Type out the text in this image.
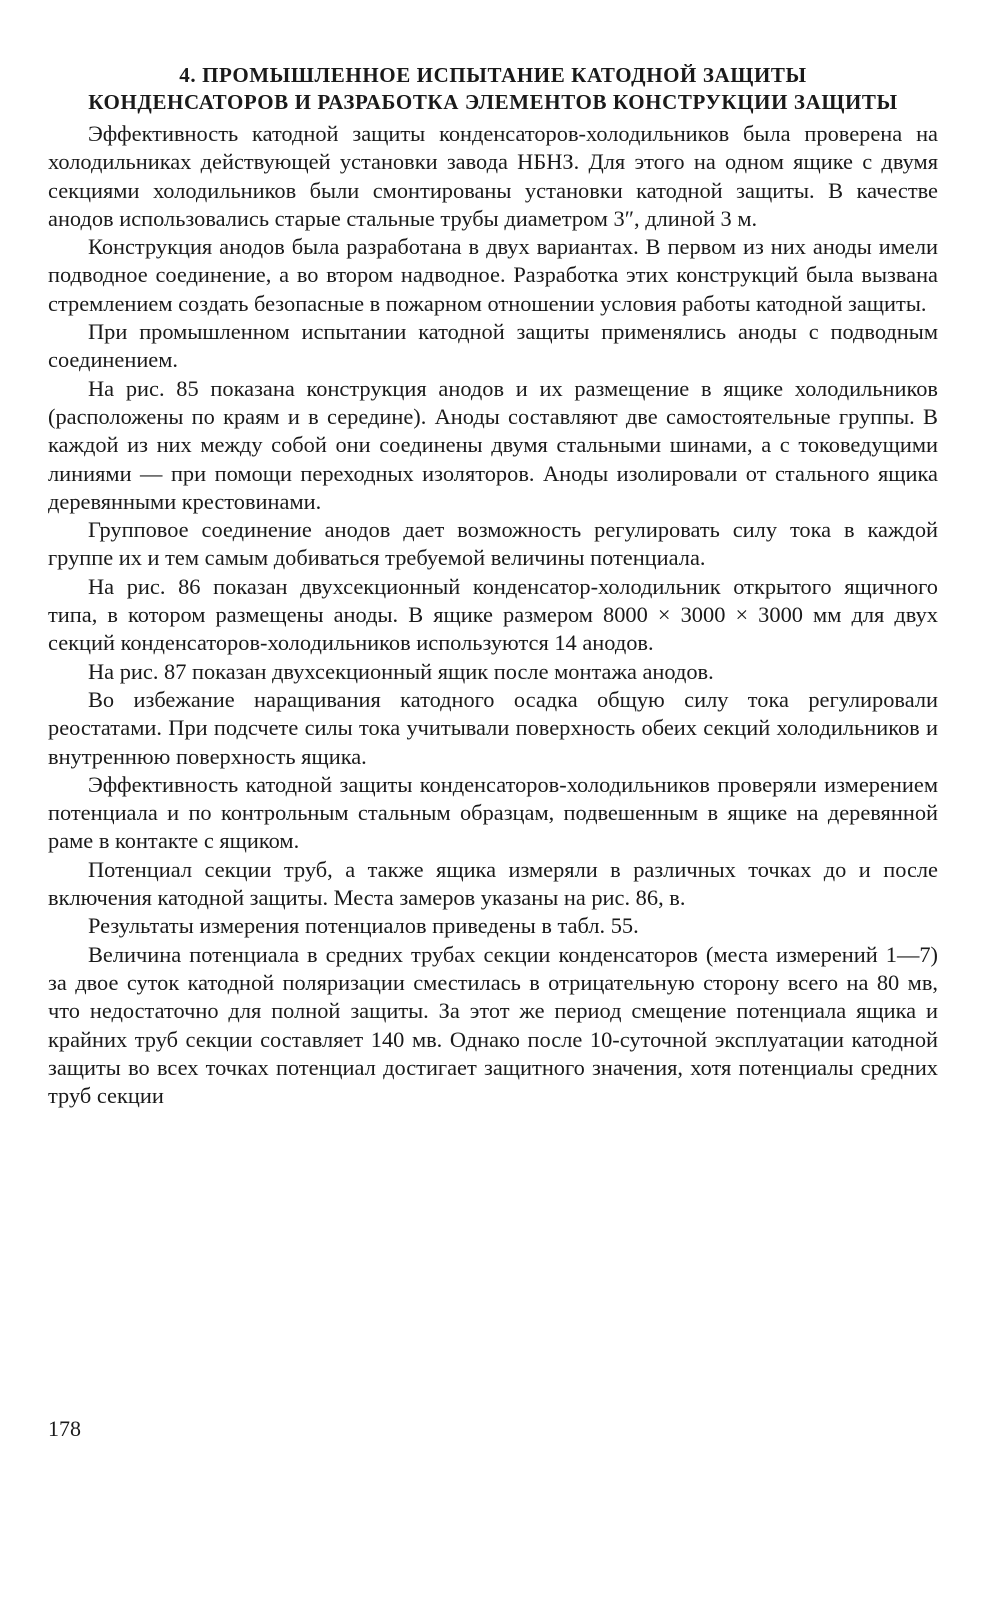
4. ПРОМЫШЛЕННОЕ ИСПЫТАНИЕ КАТОДНОЙ ЗАЩИТЫ
КОНДЕНСАТОРОВ И РАЗРАБОТКА ЭЛЕМЕНТОВ КОНСТРУКЦИИ ЗАЩИТЫ

Эффективность катодной защиты конденсаторов-холодильников была проверена на холодильниках действующей установки завода НБНЗ. Для этого на одном ящике с двумя секциями холодильников были смонтированы установки катодной защиты. В качестве анодов использовались старые стальные трубы диаметром 3″, длиной 3 м.

Конструкция анодов была разработана в двух вариантах. В первом из них аноды имели подводное соединение, а во втором надводное. Разработка этих конструкций была вызвана стремлением создать безопасные в пожарном отношении условия работы катодной защиты.

При промышленном испытании катодной защиты применялись аноды с подводным соединением.

На рис. 85 показана конструкция анодов и их размещение в ящике холодильников (расположены по краям и в середине). Аноды составляют две самостоятельные группы. В каждой из них между собой они соединены двумя стальными шинами, а с токоведущими линиями — при помощи переходных изоляторов. Аноды изолировали от стального ящика деревянными крестовинами.

Групповое соединение анодов дает возможность регулировать силу тока в каждой группе их и тем самым добиваться требуемой величины потенциала.

На рис. 86 показан двухсекционный конденсатор-холодильник открытого ящичного типа, в котором размещены аноды. В ящике размером 8000 × 3000 × 3000 мм для двух секций конденсаторов-холодильников используются 14 анодов.

На рис. 87 показан двухсекционный ящик после монтажа анодов.

Во избежание наращивания катодного осадка общую силу тока регулировали реостатами. При подсчете силы тока учитывали поверхность обеих секций холодильников и внутреннюю поверхность ящика.

Эффективность катодной защиты конденсаторов-холодильников проверяли измерением потенциала и по контрольным стальным образцам, подвешенным в ящике на деревянной раме в контакте с ящиком.

Потенциал секции труб, а также ящика измеряли в различных точках до и после включения катодной защиты. Места замеров указаны на рис. 86, в.

Результаты измерения потенциалов приведены в табл. 55.

Величина потенциала в средних трубах секции конденсаторов (места измерений 1—7) за двое суток катодной поляризации сместилась в отрицательную сторону всего на 80 мв, что недостаточно для полной защиты. За этот же период смещение потенциала ящика и крайних труб секции составляет 140 мв. Однако после 10-суточной эксплуатации катодной защиты во всех точках потенциал достигает защитного значения, хотя потенциалы средних труб секции

178
